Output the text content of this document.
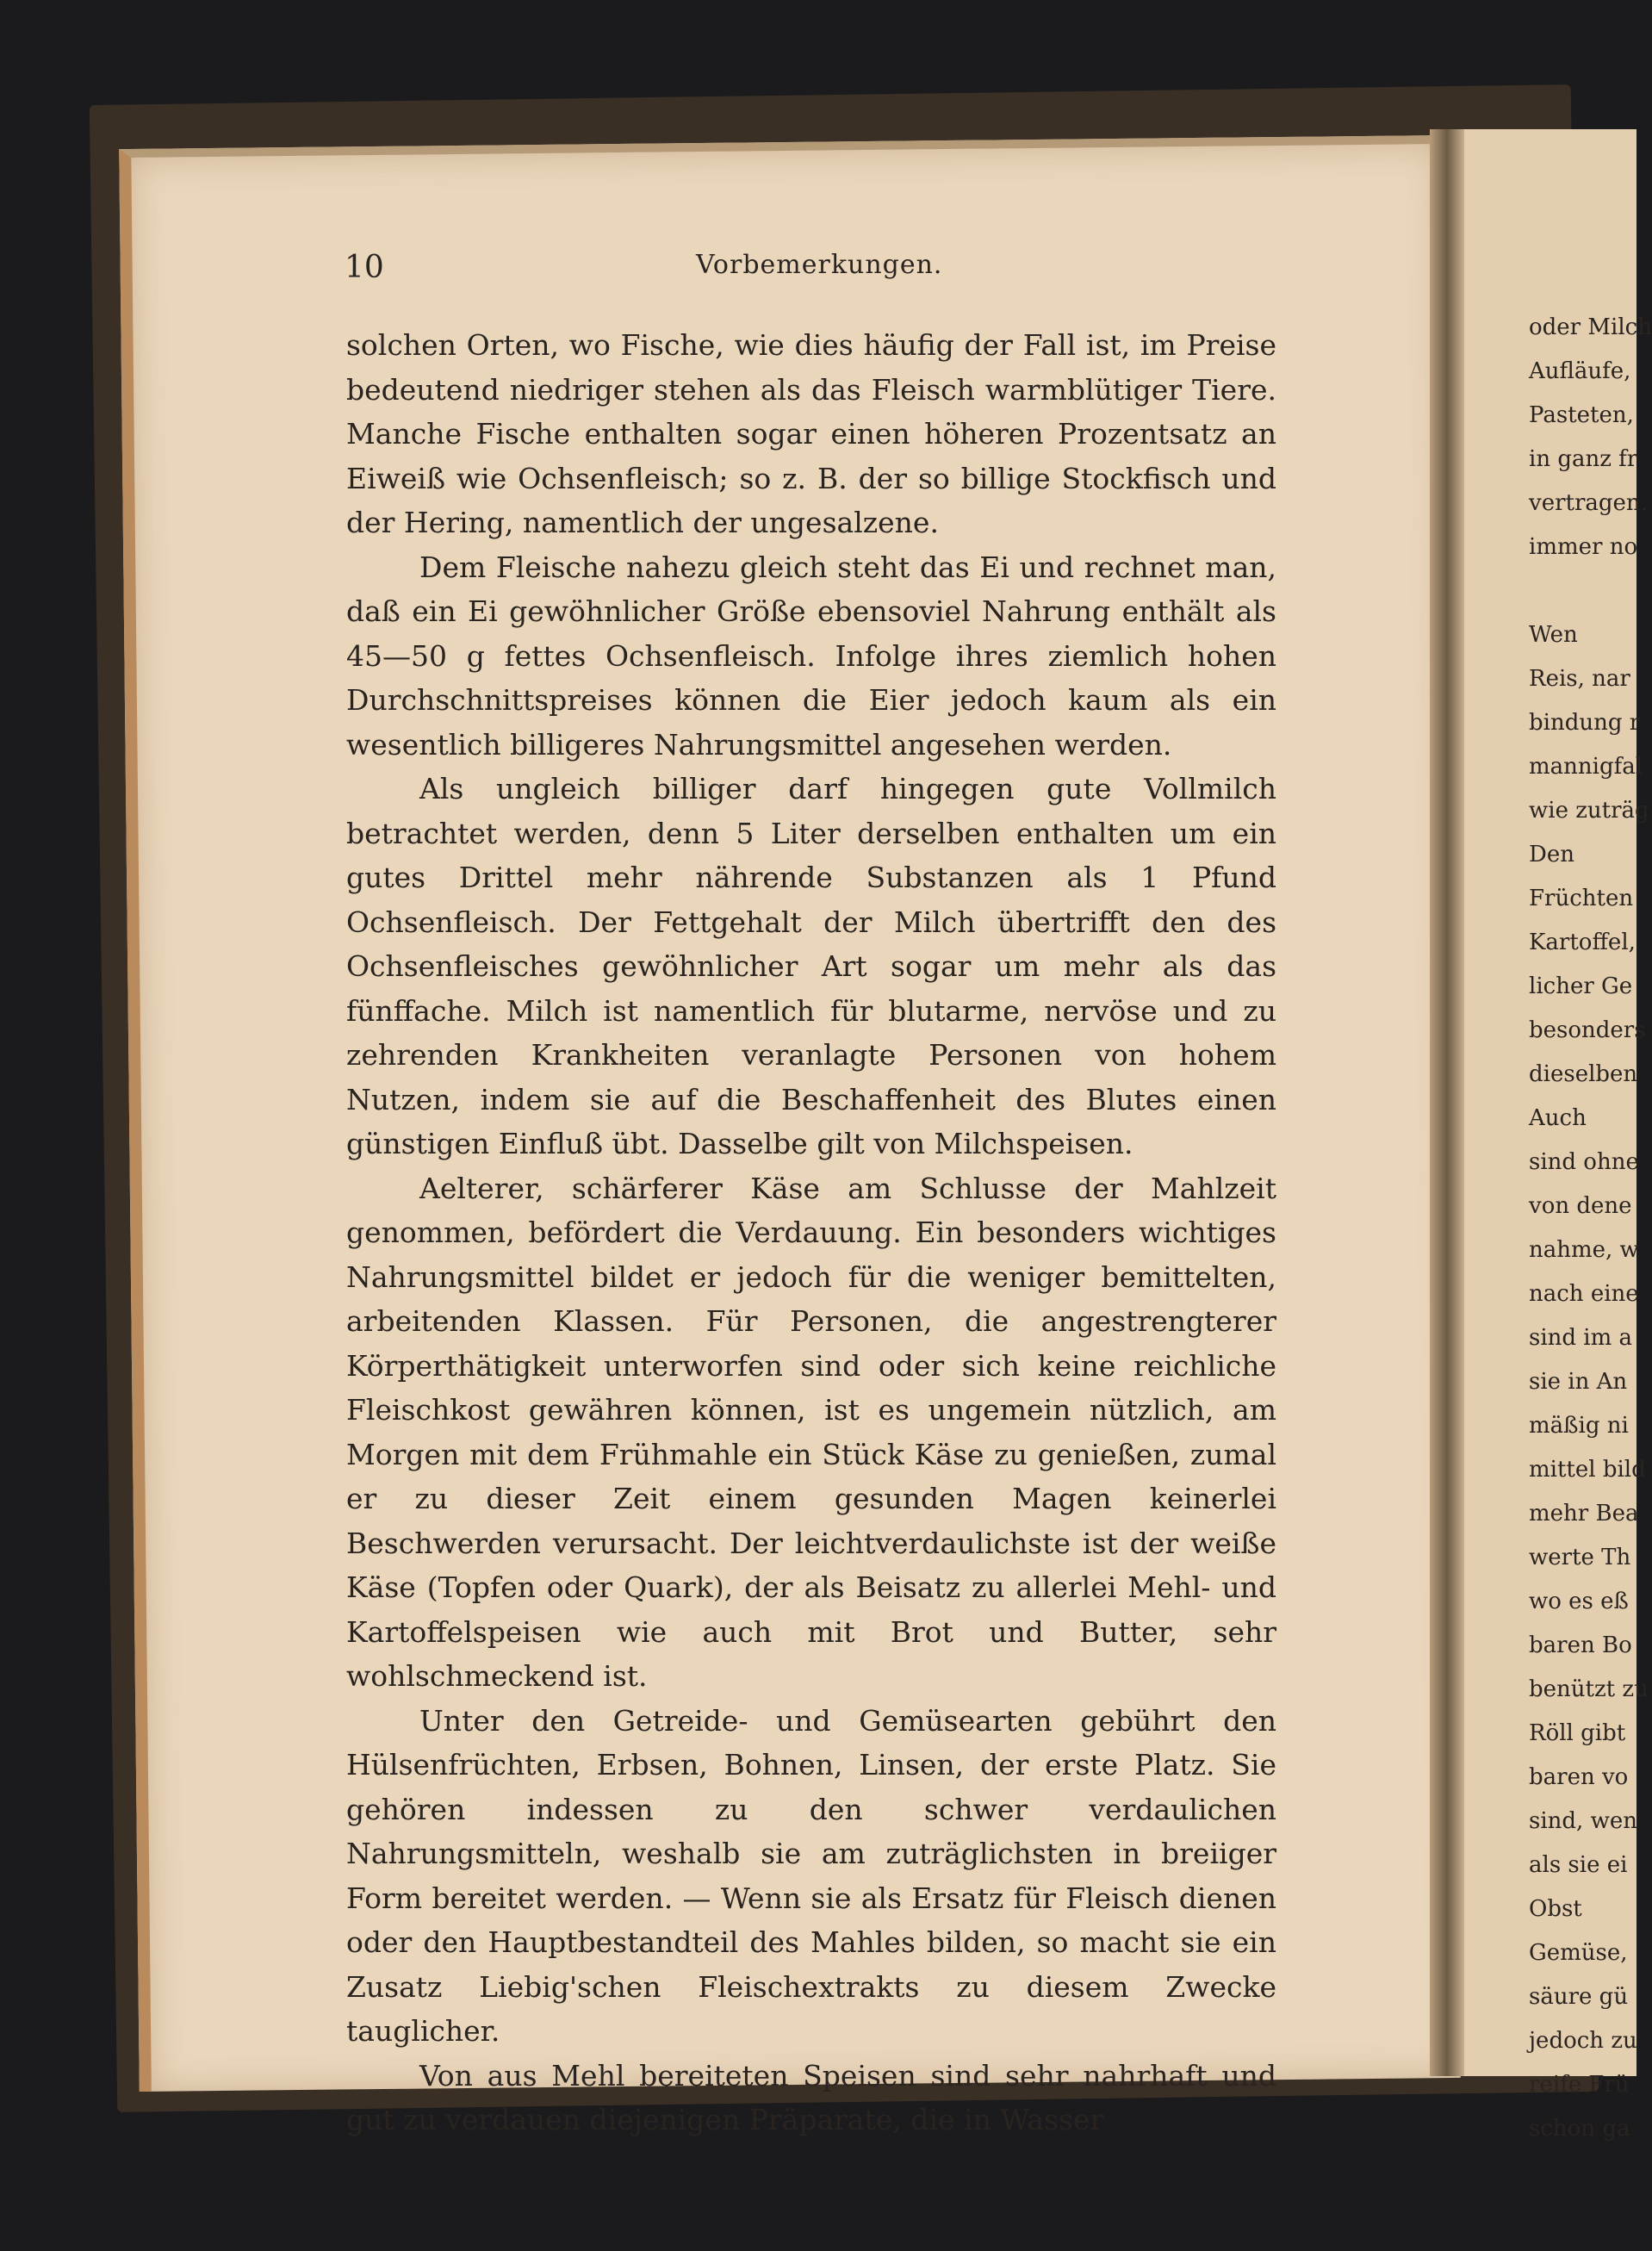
10	Vorbemerkungen.

solchen Orten, wo Fische, wie dies häufig der Fall ist, im Preise bedeutend niedriger stehen als das Fleisch warmblütiger Tiere. Manche Fische enthalten sogar einen höheren Prozentsatz an Eiweiß wie Ochsenfleisch; so z. B. der so billige Stockfisch und der Hering, namentlich der ungesalzene.

Dem Fleische nahezu gleich steht das Ei und rechnet man, daß ein Ei gewöhnlicher Größe ebensoviel Nahrung enthält als 45—50 g fettes Ochsenfleisch. Infolge ihres ziemlich hohen Durchschnittspreises können die Eier jedoch kaum als ein wesentlich billigeres Nahrungsmittel angesehen werden.

Als ungleich billiger darf hingegen gute Vollmilch betrachtet werden, denn 5 Liter derselben enthalten um ein gutes Drittel mehr nährende Substanzen als 1 Pfund Ochsenfleisch. Der Fettgehalt der Milch übertrifft den des Ochsenfleisches gewöhnlicher Art sogar um mehr als das fünffache. Milch ist namentlich für blutarme, nervöse und zu zehrenden Krankheiten veranlagte Personen von hohem Nutzen, indem sie auf die Beschaffenheit des Blutes einen günstigen Einfluß übt. Dasselbe gilt von Milchspeisen.

Aelterer, schärferer Käse am Schlusse der Mahlzeit genommen, befördert die Verdauung. Ein besonders wichtiges Nahrungsmittel bildet er jedoch für die weniger bemittelten, arbeitenden Klassen. Für Personen, die angestrengterer Körperthätigkeit unterworfen sind oder sich keine reichliche Fleischkost gewähren können, ist es ungemein nützlich, am Morgen mit dem Frühmahle ein Stück Käse zu genießen, zumal er zu dieser Zeit einem gesunden Magen keinerlei Beschwerden verursacht. Der leichtverdaulichste ist der weiße Käse (Topfen oder Quark), der als Beisatz zu allerlei Mehl- und Kartoffelspeisen wie auch mit Brot und Butter, sehr wohlschmeckend ist.

Unter den Getreide- und Gemüsearten gebührt den Hülsenfrüchten, Erbsen, Bohnen, Linsen, der erste Platz. Sie gehören indessen zu den schwer verdaulichen Nahrungsmitteln, weshalb sie am zuträglichsten in breiiger Form bereitet werden. — Wenn sie als Ersatz für Fleisch dienen oder den Hauptbestandteil des Mahles bilden, so macht sie ein Zusatz Liebig'schen Fleischextrakts zu diesem Zwecke tauglicher.

Von aus Mehl bereiteten Speisen sind sehr nahrhaft und gut zu verdauen diejenigen Präparate, die in Wasser

oder Milch
Aufläufe,
Pasteten,
in ganz fr
vertragen.
immer no
Wen
Reis, nar
bindung r
mannigfal
wie zuträg
Den
Früchten
Kartoffel,
licher Ge
besonders
dieselben
Auch
sind ohne
von dene
nahme, w
nach eine
sind im a
sie in An
mäßig ni
mittel bild
mehr Bea
werte Th
wo es eß
baren Bo
benützt zu
Röll gibt
baren vo
sind, wen
als sie ei
Obst
Gemüse,
säure gü
jedoch zu
reife Frü
schon ga
